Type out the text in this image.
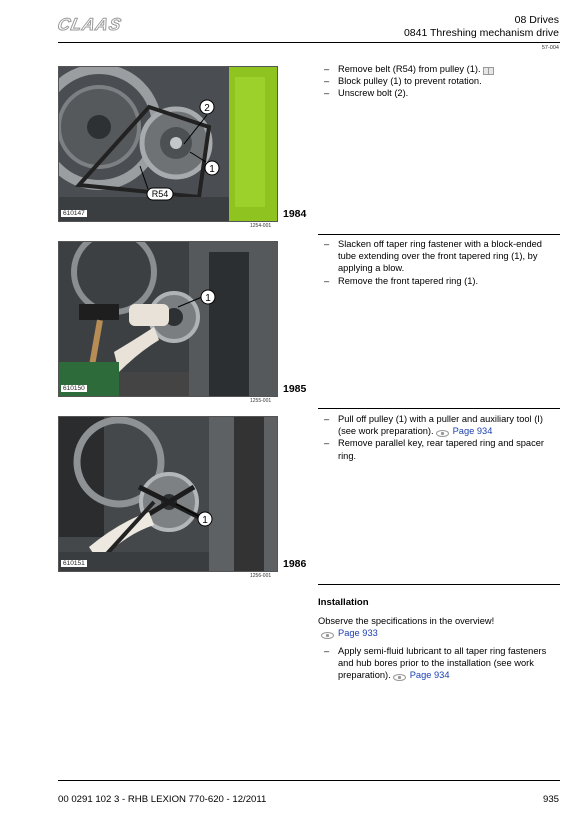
CLAAS	08 Drives
0841 Threshing mechanism drive
57-004
2
1
R54
610147	1984
1254-001
– Remove belt (R54) from pulley (1).
– Block pulley (1) to prevent rotation.
– Unscrew bolt (2).
1
610150	1985
1255-001
– Slacken off taper ring fastener with a block-ended tube extending over the front tapered ring (1), by applying a blow.
– Remove the front tapered ring (1).
1
610151	1986
1256-001
– Pull off pulley (1) with a puller and auxiliary tool (I) (see work preparation). Page 934
– Remove parallel key, rear tapered ring and spacer ring.
Installation
Observe the specifications in the overview!
Page 933
– Apply semi-fluid lubricant to all taper ring fasteners and hub bores prior to the installation (see work preparation). Page 934
00 0291 102 3 - RHB LEXION 770-620 - 12/2011	935
